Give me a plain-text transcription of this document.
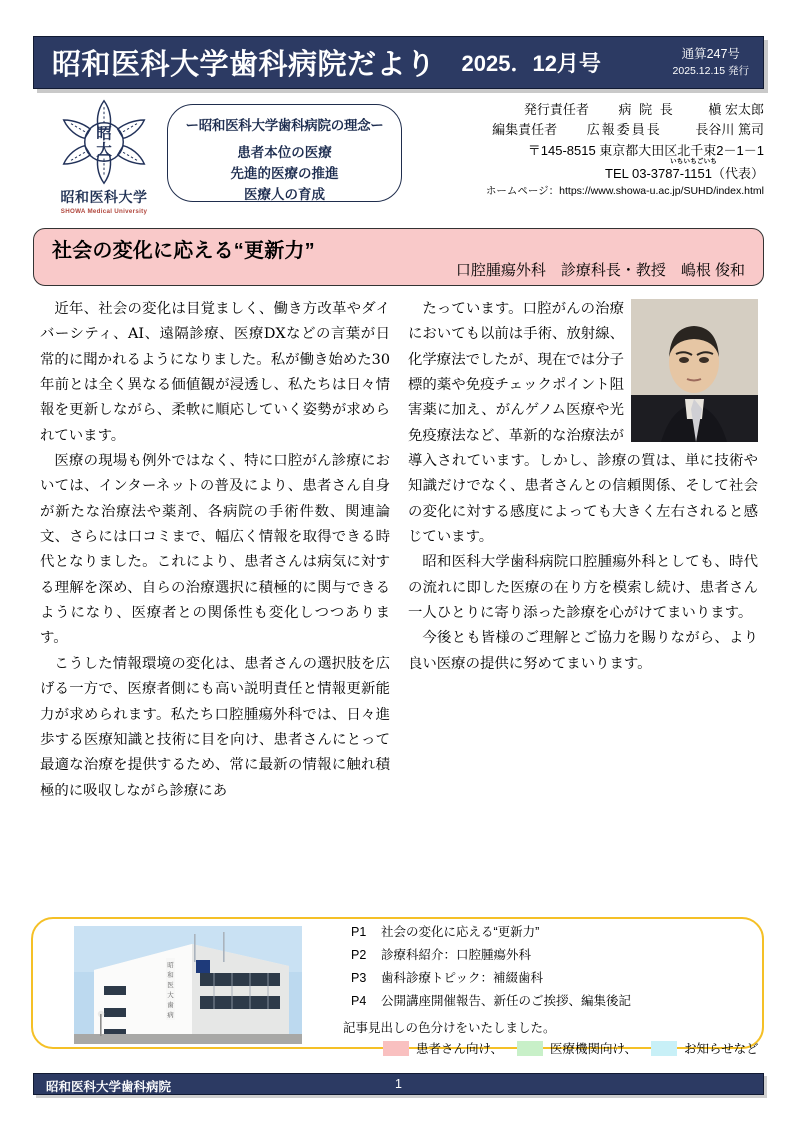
昭和医科大学歯科病院だより 2025．12月号	通算247号
2025.12.15 発行
昭
大
昭和医科大学
SHOWA Medical University
ー昭和医科大学歯科病院の理念ー
患者本位の医療
先進的医療の推進
医療人の育成
発行責任者 病 院 長	槇 宏太郎
編集責任者 広報委員長	長谷川 篤司
〒145-8515 東京都大田区北千束2－1－1
いちいちごいち
TEL 03-3787-1151（代表）
ホームページ：https://www.showa-u.ac.jp/SUHD/index.html
社会の変化に応える“更新力”
口腔腫瘍外科　診療科長・教授　嶋根 俊和

近年、社会の変化は目覚ましく、働き方改革やダイバーシティ、AI、遠隔診療、医療DXなどの言葉が日常的に聞かれるようになりました。私が働き始めた30年前とは全く異なる価値観が浸透し、私たちは日々情報を更新しながら、柔軟に順応していく姿勢が求められています。

医療の現場も例外ではなく、特に口腔がん診療においては、インターネットの普及により、患者さん自身が新たな治療法や薬剤、各病院の手術件数、関連論文、さらには口コミまで、幅広く情報を取得できる時代となりました。これにより、患者さんは病気に対する理解を深め、自らの治療選択に積極的に関与できるようになり、医療者との関係性も変化しつつあります。

こうした情報環境の変化は、患者さんの選択肢を広げる一方で、医療者側にも高い説明責任と情報更新能力が求められます。私たち口腔腫瘍外科では、日々進歩する医療知識と技術に目を向け、患者さんにとって最適な治療を提供するため、常に最新の情報に触れ積極的に吸収しながら診療にあ

たっています。口腔がんの治療においても以前は手術、放射線、化学療法でしたが、現在では分子標的薬や免疫チェックポイント阻害薬に加え、がんゲノム医療や光免疫療法など、革新的な治療法が導入されています。しかし、診療の質は、単に技術や知識だけでなく、患者さんとの信頼関係、そして社会の変化に対する感度によっても大きく左右されると感じています。

昭和医科大学歯科病院口腔腫瘍外科としても、時代の流れに即した医療の在り方を模索し続け、患者さん一人ひとりに寄り添った診療を心がけてまいります。

今後とも皆様のご理解とご協力を賜りながら、より良い医療の提供に努めてまいります。

昭
和
医
大
歯
病
P1	社会の変化に応える“更新力”
P2	診療科紹介：口腔腫瘍外科
P3	歯科診療トピック：補綴歯科
P4	公開講座開催報告、新任のご挨拶、編集後記
記事見出しの色分けをいたしました。
患者さん向け、	医療機関向け、	お知らせなど
昭和医科大学歯科病院	1
